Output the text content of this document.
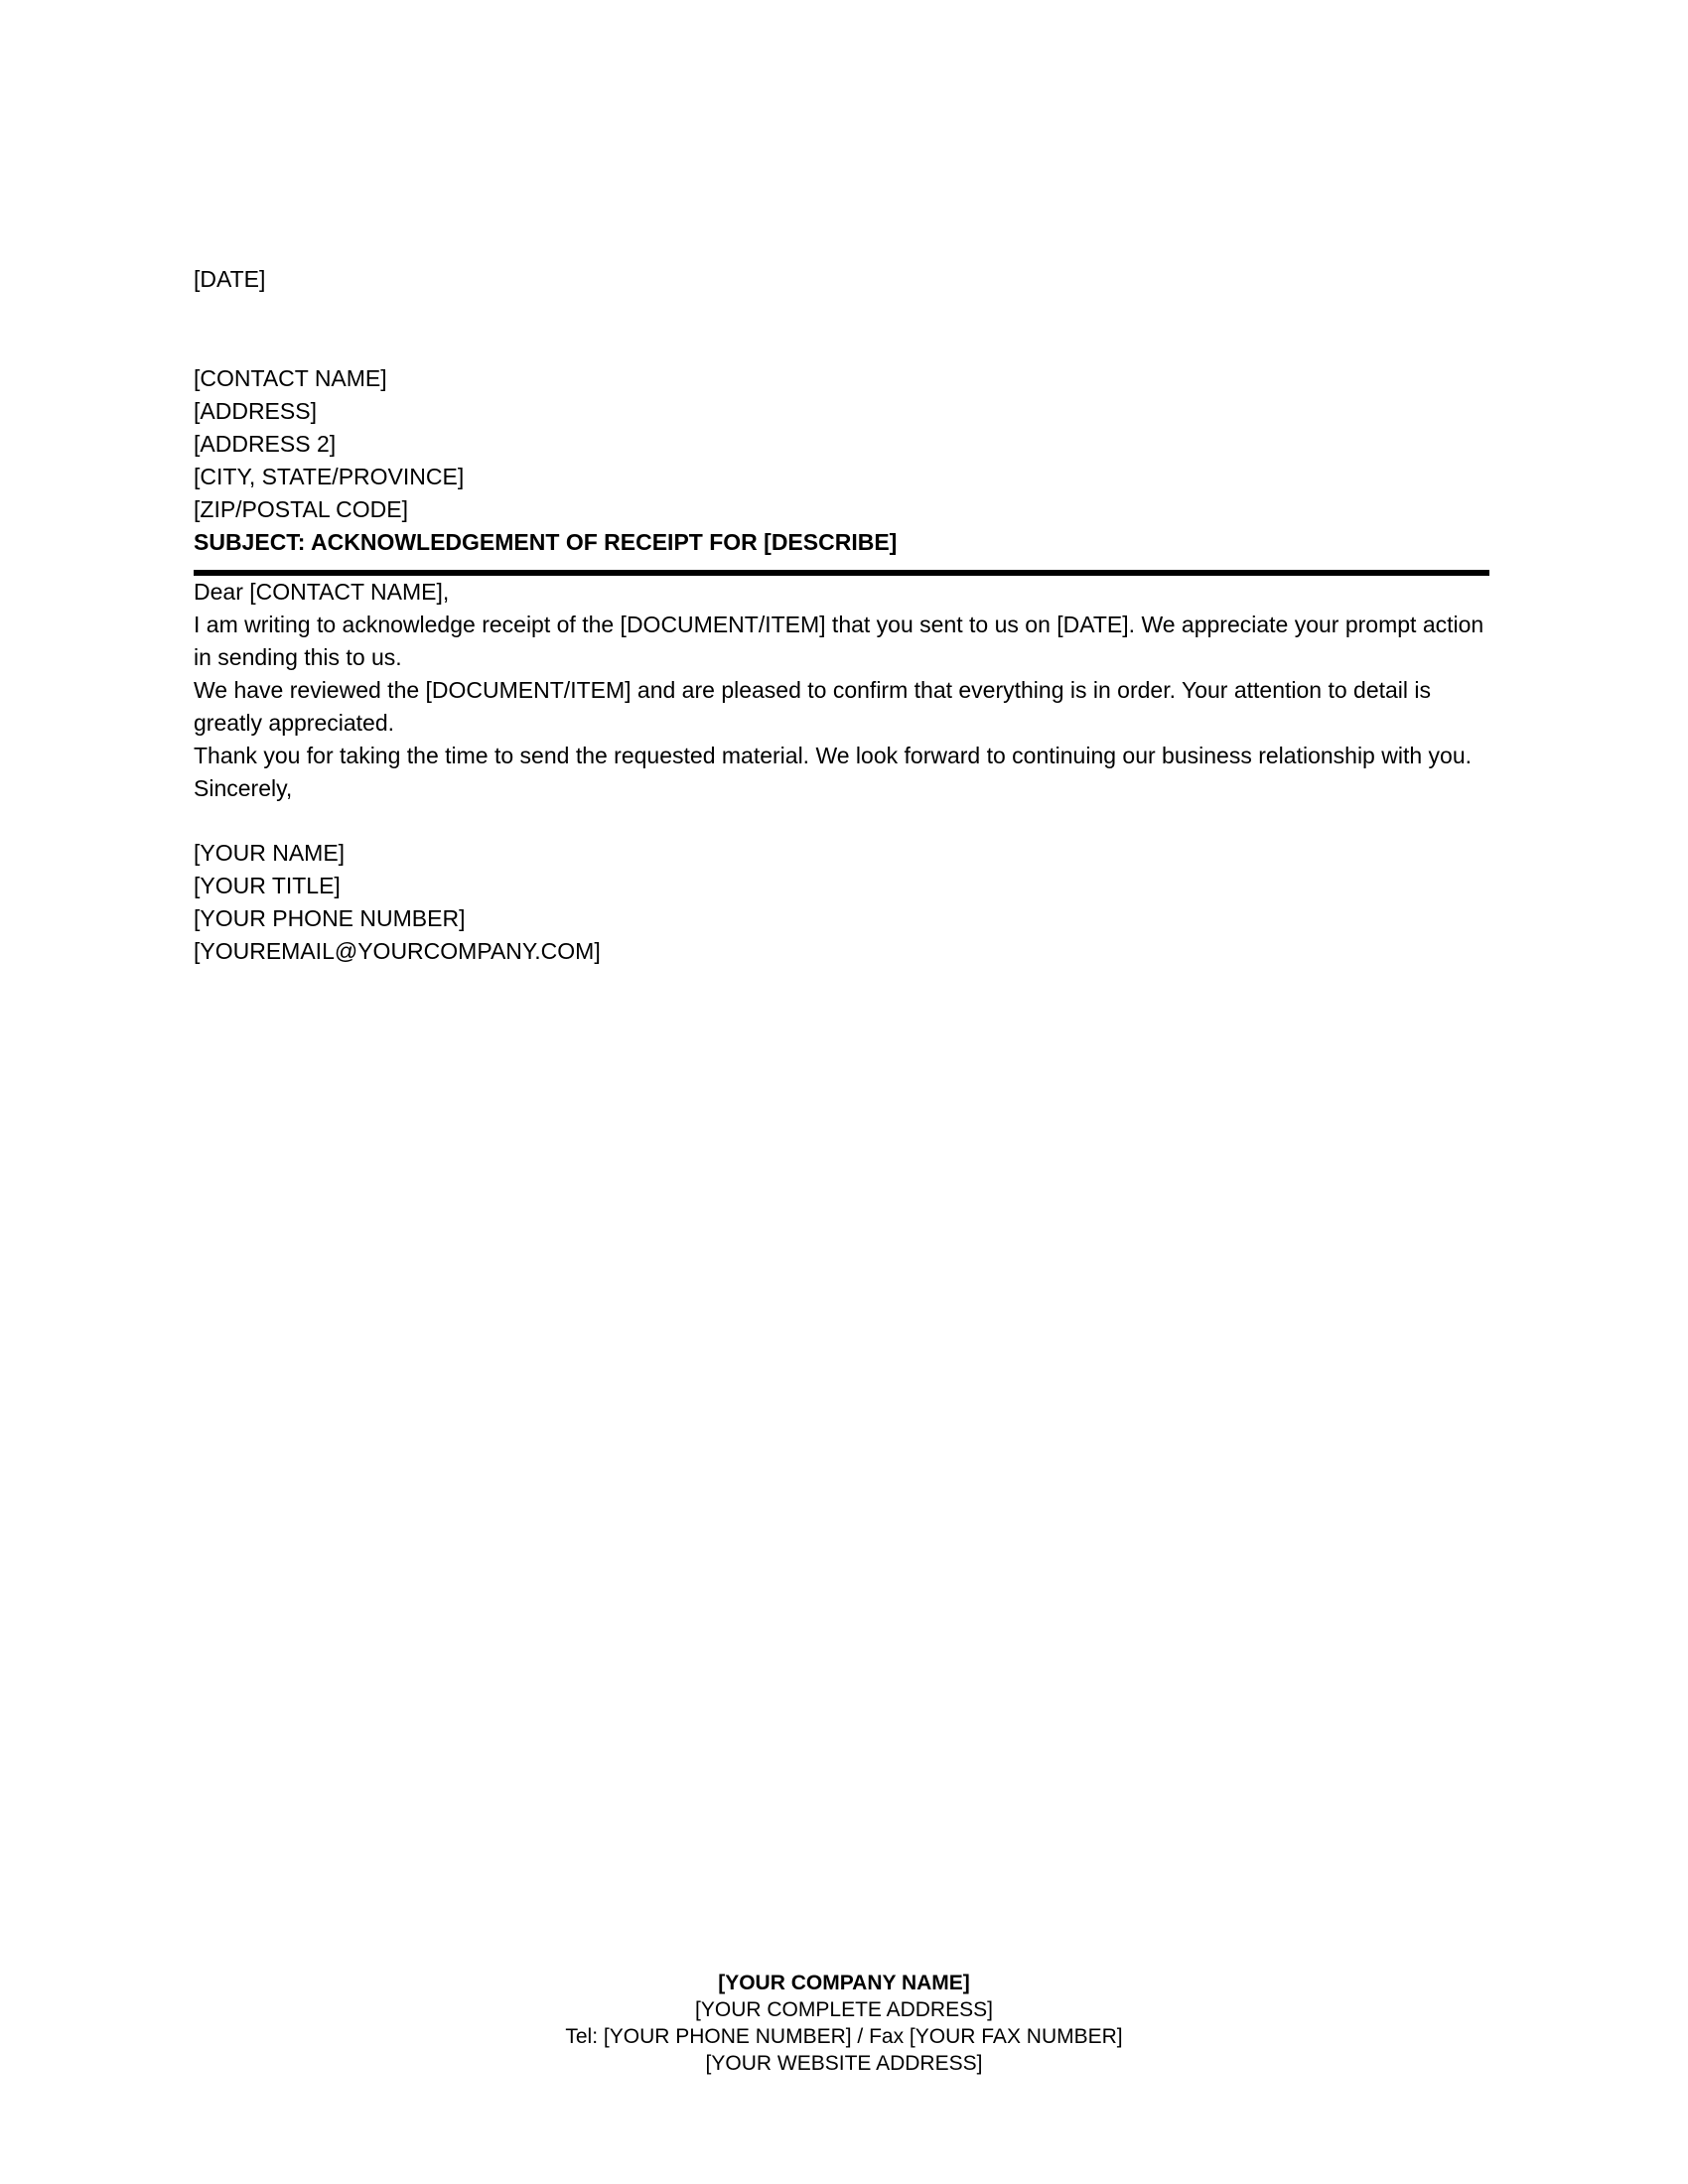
[DATE]

[CONTACT NAME]

[ADDRESS]

[ADDRESS 2]

[CITY, STATE/PROVINCE]

[ZIP/POSTAL CODE]

SUBJECT: ACKNOWLEDGEMENT OF RECEIPT FOR [DESCRIBE]

Dear [CONTACT NAME],

I am writing to acknowledge receipt of the [DOCUMENT/ITEM] that you sent to us on [DATE]. We appreciate your prompt action in sending this to us.

We have reviewed the [DOCUMENT/ITEM] and are pleased to confirm that everything is in order. Your attention to detail is greatly appreciated.

Thank you for taking the time to send the requested material. We look forward to continuing our business relationship with you.

Sincerely,

[YOUR NAME]

[YOUR TITLE]

[YOUR PHONE NUMBER]

[YOUREMAIL@YOURCOMPANY.COM]

[YOUR COMPANY NAME]

[YOUR COMPLETE ADDRESS]

Tel: [YOUR PHONE NUMBER] / Fax [YOUR FAX NUMBER]

[YOUR WEBSITE ADDRESS]
